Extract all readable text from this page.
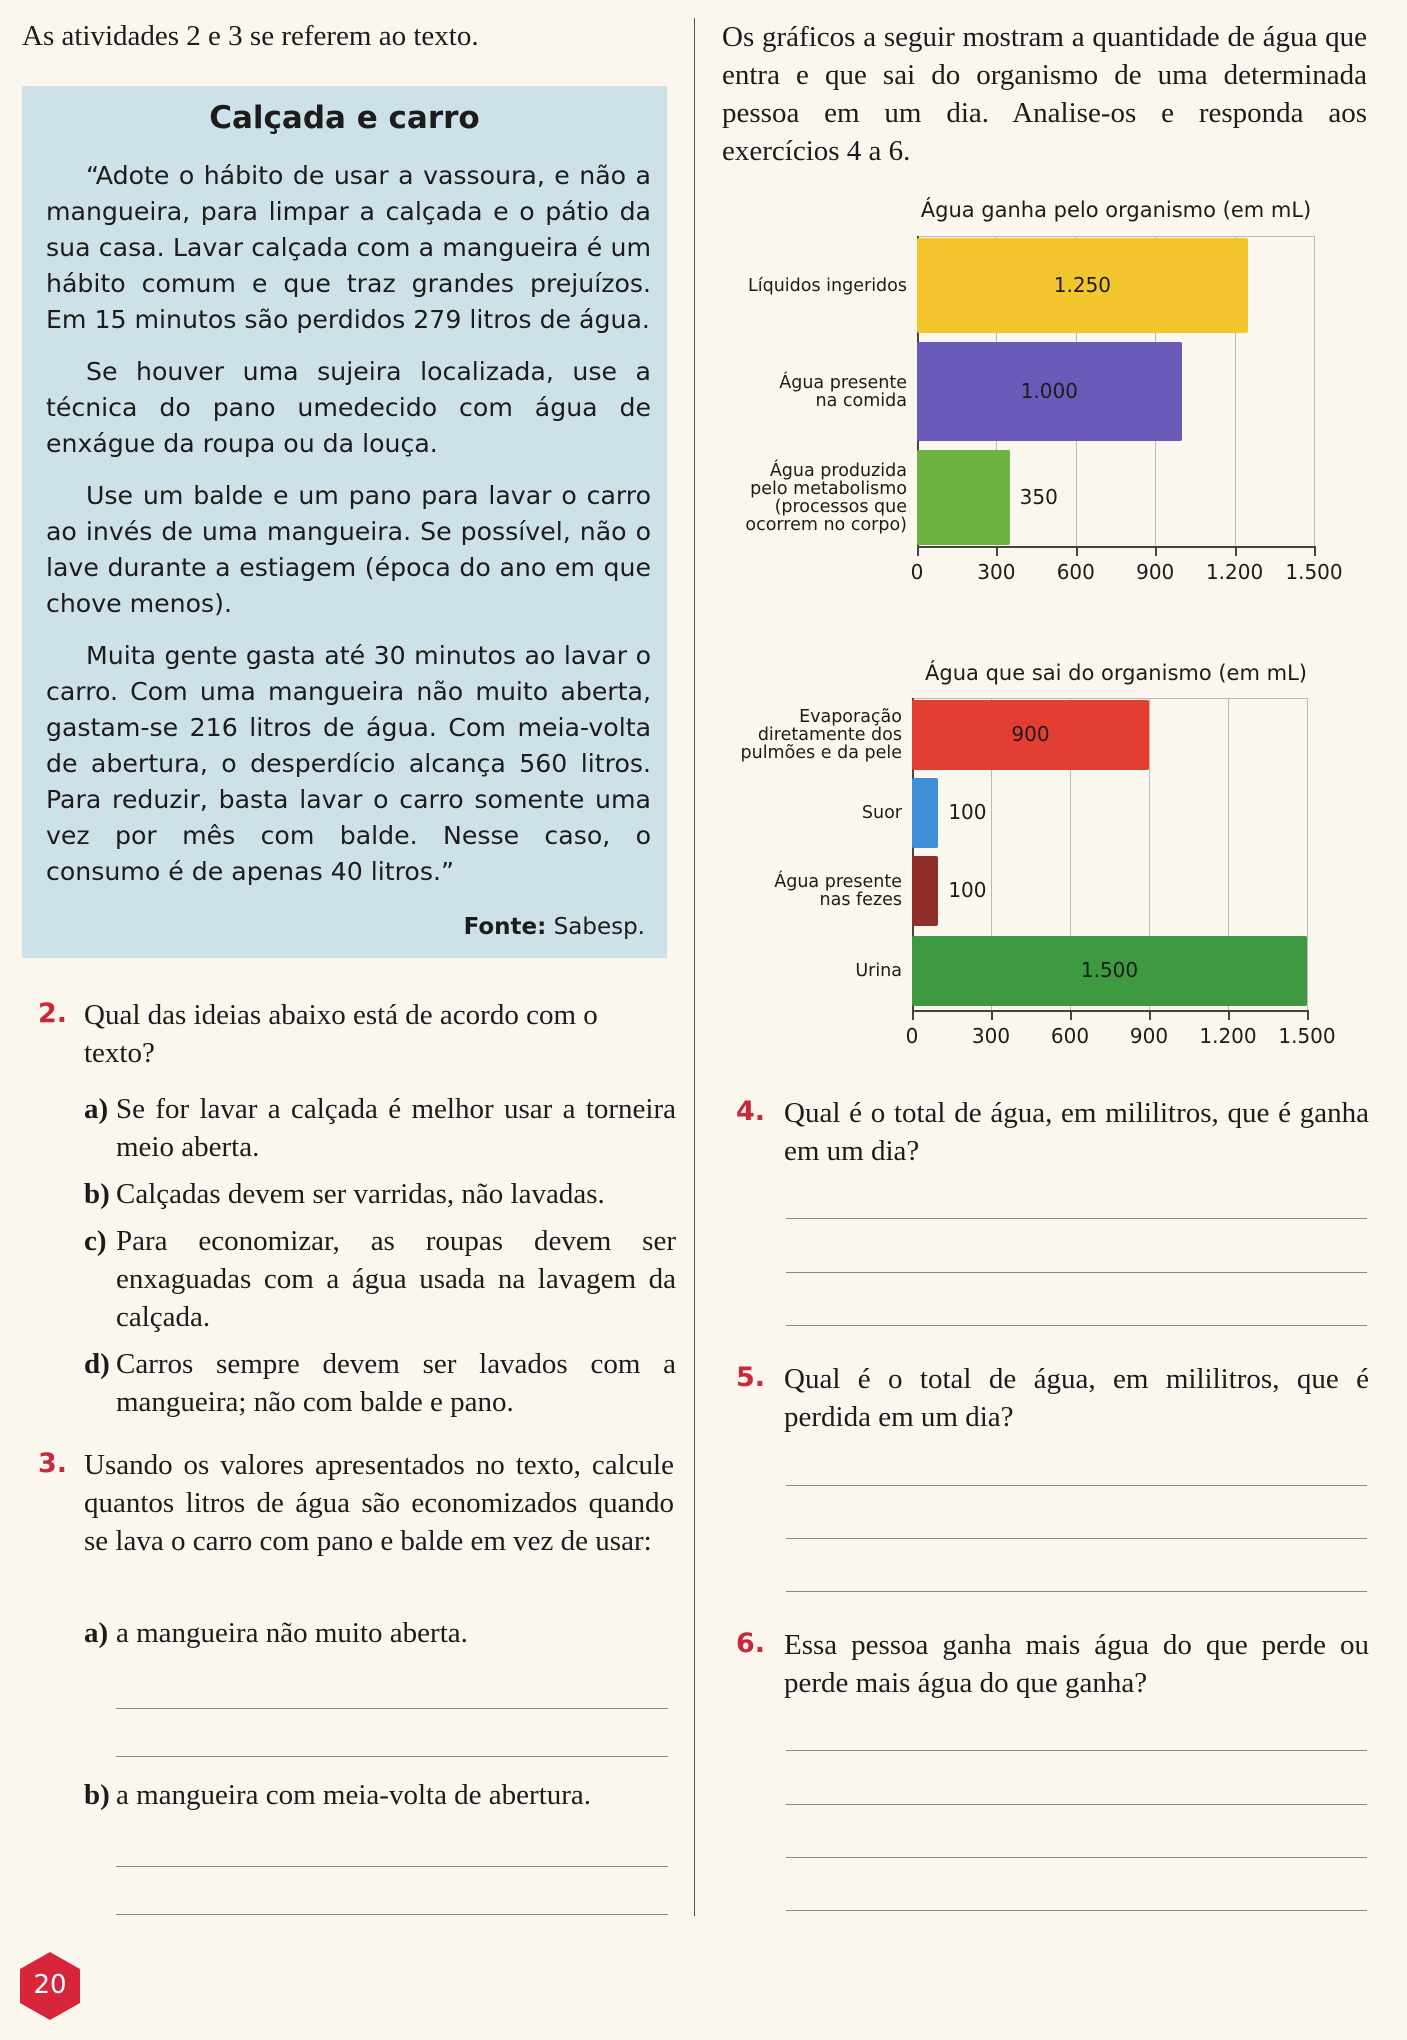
As atividades 2 e 3 se referem ao texto.
Calçada e carro

“Adote o hábito de usar a vassoura, e não a mangueira, para limpar a calçada e o pátio da sua casa. Lavar calçada com a mangueira é um hábito comum e que traz grandes prejuízos. Em 15 minutos são perdidos 279 litros de água.

Se houver uma sujeira localizada, use a técnica do pano umedecido com água de enxágue da roupa ou da louça.

Use um balde e um pano para lavar o carro ao invés de uma mangueira. Se possível, não o lave durante a estiagem (época do ano em que chove menos).

Muita gente gasta até 30 minutos ao lavar o carro. Com uma mangueira não muito aberta, gastam-se 216 litros de água. Com meia-volta de abertura, o desperdício alcança 560 litros. Para reduzir, basta lavar o carro somente uma vez por mês com balde. Nesse caso, o consumo é de apenas 40 litros.”

Fonte: Sabesp.
2. Qual das ideias abaixo está de acordo com o texto?
a) Se for lavar a calçada é melhor usar a torneira meio aberta.
b) Calçadas devem ser varridas, não lavadas.
c) Para economizar, as roupas devem ser enxaguadas com a água usada na lavagem da calçada.
d) Carros sempre devem ser lavados com a mangueira; não com balde e pano.
3. Usando os valores apresentados no texto, calcule quantos litros de água são economizados quando se lava o carro com pano e balde em vez de usar:
a) a mangueira não muito aberta.
b) a mangueira com meia-volta de abertura.
Os gráficos a seguir mostram a quantidade de água que entra e que sai do organismo de uma determinada pessoa em um dia. Analise-os e responda aos exercícios 4 a 6.
Água ganha pelo organismo (em mL)
0	300	600	900	1.200	1.500
1.250
Líquidos ingeridos
1.000
Água presente
na comida
350
Água produzida
pelo metabolismo
(processos que
ocorrem no corpo)
Água que sai do organismo (em mL)
0	300	600	900	1.200	1.500
900
Evaporação
diretamente dos
pulmões e da pele
100
Suor
100
Água presente
nas fezes
1.500
Urina
4. Qual é o total de água, em mililitros, que é ganha em um dia?
5. Qual é o total de água, em mililitros, que é perdida em um dia?
6. Essa pessoa ganha mais água do que perde ou perde mais água do que ganha?
20
